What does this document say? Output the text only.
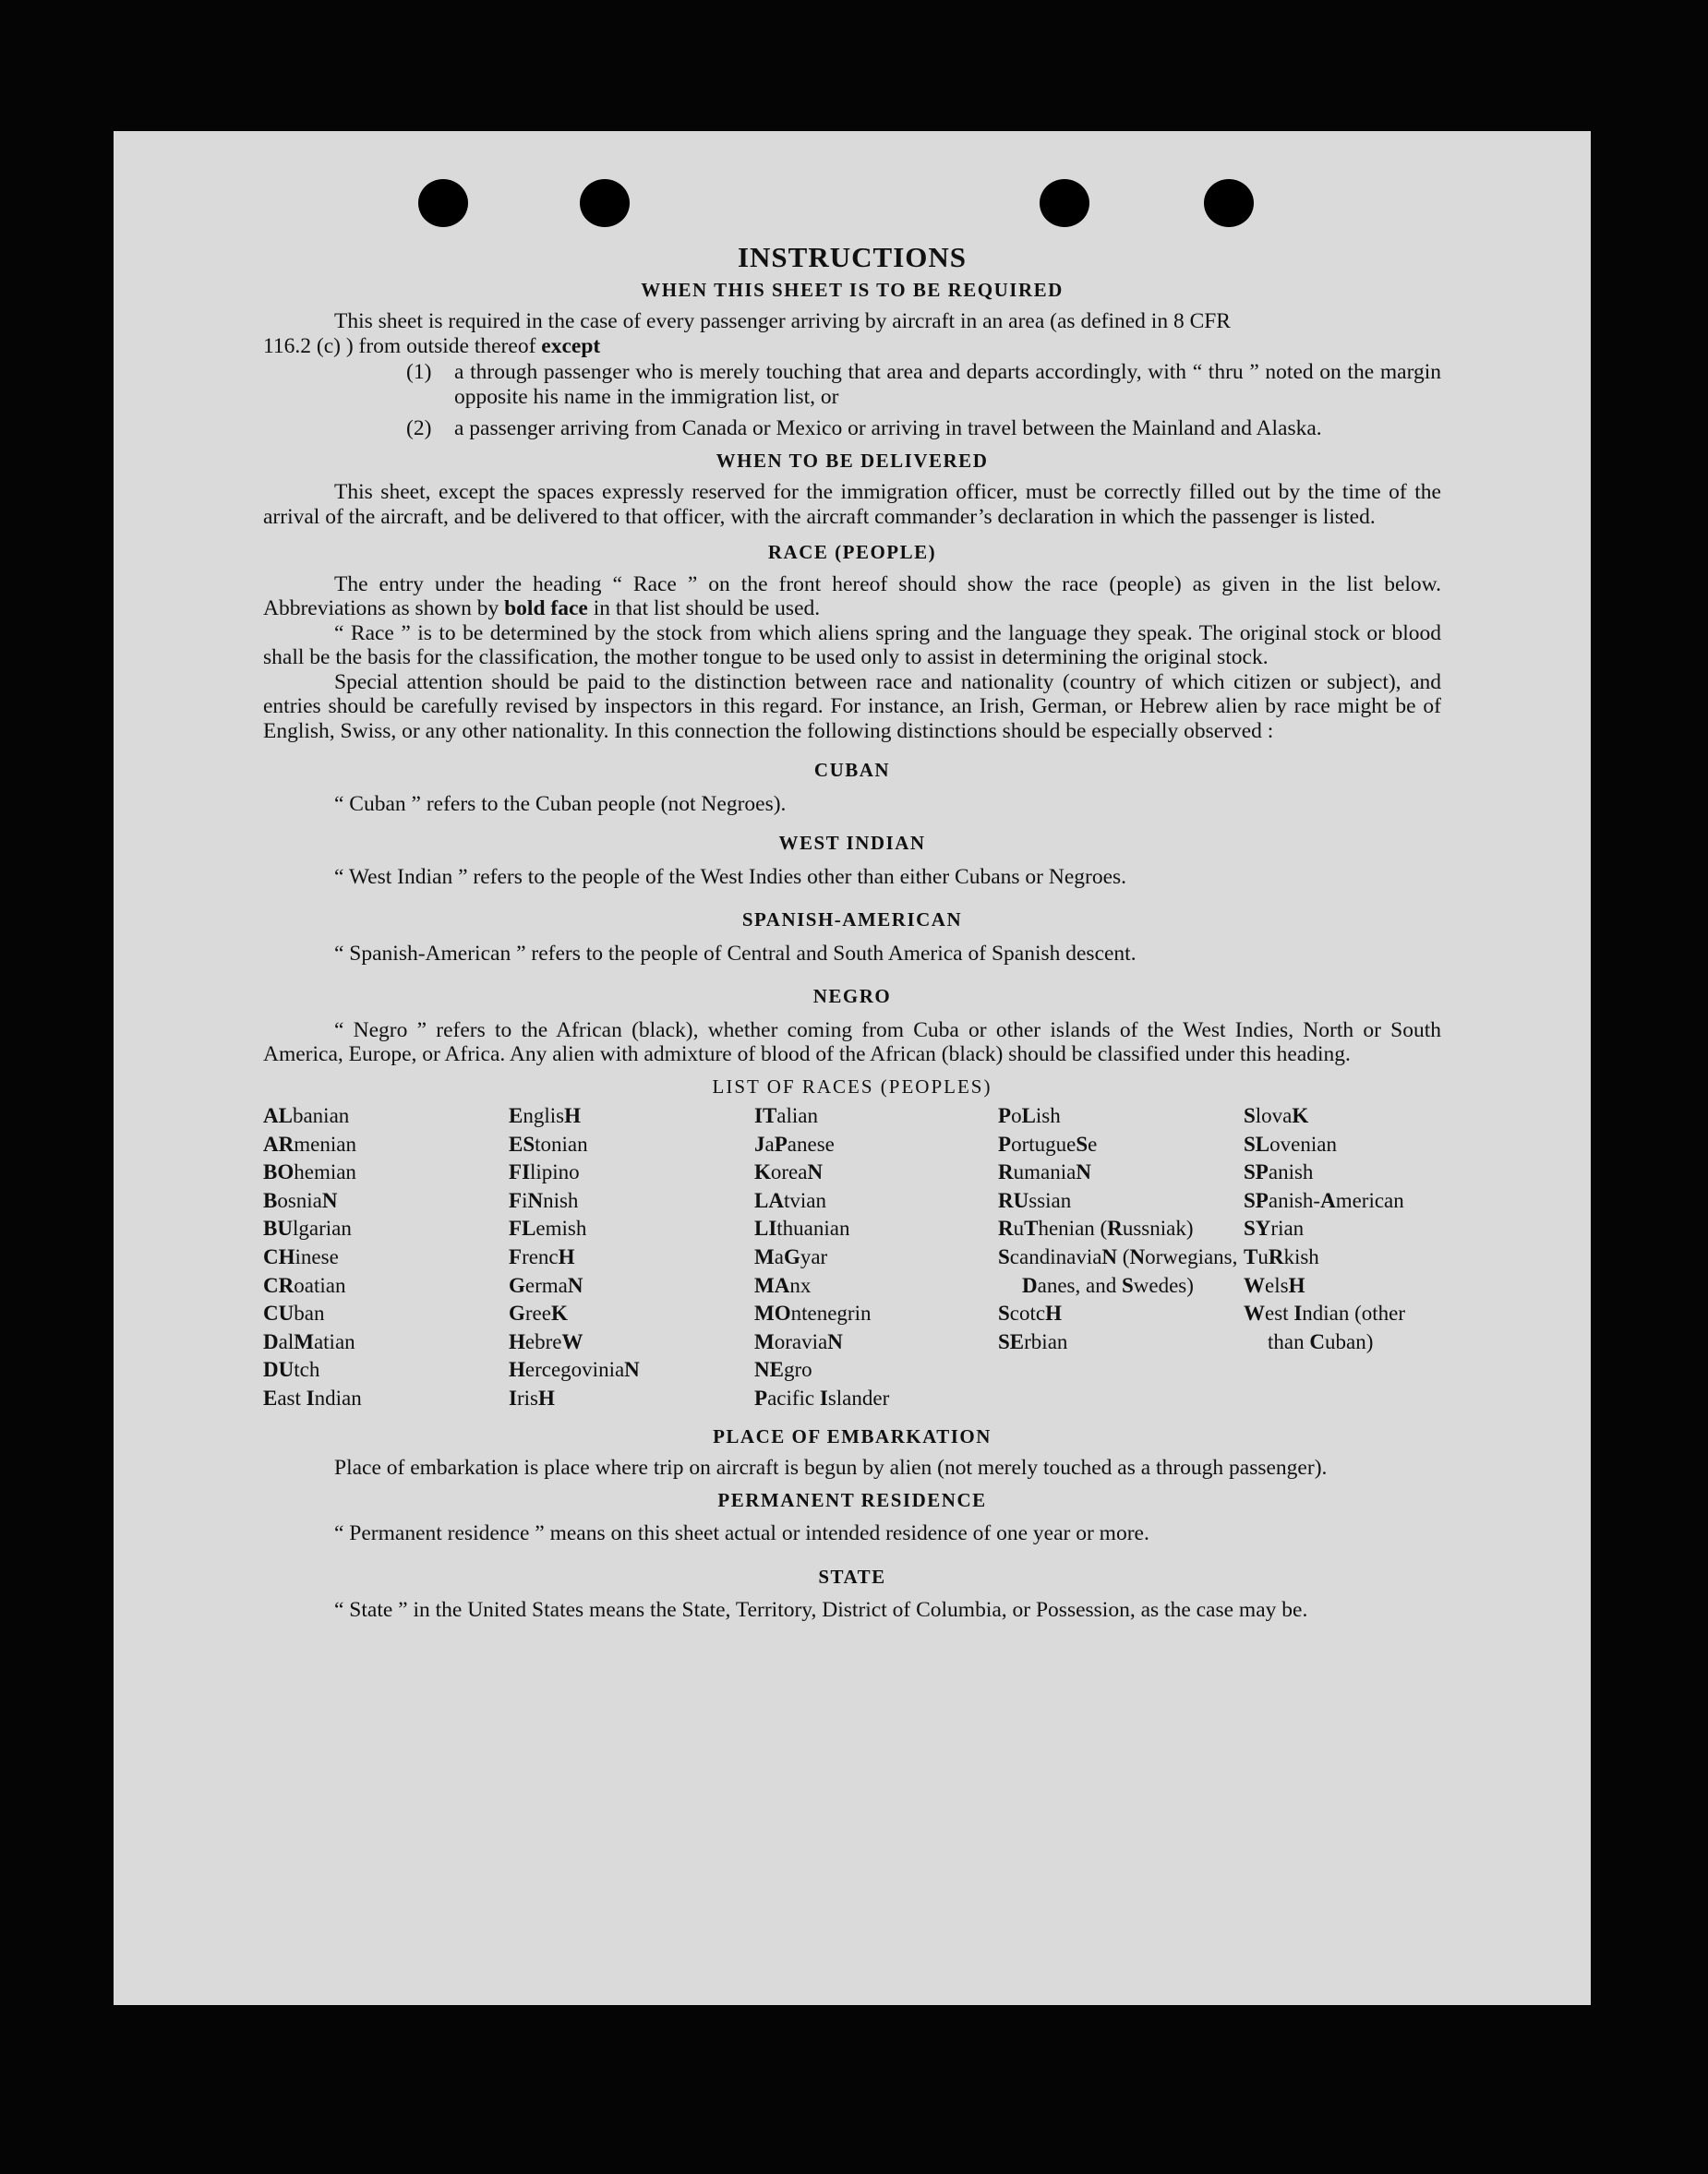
INSTRUCTIONS
WHEN THIS SHEET IS TO BE REQUIRED

This sheet is required in the case of every passenger arriving by aircraft in an area (as defined in 8 CFR

116.2 (c) ) from outside thereof except

(1)	a through passenger who is merely touching that area and departs accordingly, with “ thru ” noted on the margin opposite his name in the immigration list, or
(2)	a passenger arriving from Canada or Mexico or arriving in travel between the Mainland and Alaska.
WHEN TO BE DELIVERED

This sheet, except the spaces expressly reserved for the immigration officer, must be correctly filled out by the time of the arrival of the aircraft, and be delivered to that officer, with the aircraft commander’s declaration in which the passenger is listed.

RACE (PEOPLE)

The entry under the heading “ Race ” on the front hereof should show the race (people) as given in the list below. Abbreviations as shown by bold face in that list should be used.

“ Race ” is to be determined by the stock from which aliens spring and the language they speak. The original stock or blood shall be the basis for the classification, the mother tongue to be used only to assist in determining the original stock.

Special attention should be paid to the distinction between race and nationality (country of which citizen or subject), and entries should be carefully revised by inspectors in this regard. For instance, an Irish, German, or Hebrew alien by race might be of English, Swiss, or any other nationality. In this connection the following distinctions should be especially observed :

CUBAN

“ Cuban ” refers to the Cuban people (not Negroes).

WEST INDIAN

“ West Indian ” refers to the people of the West Indies other than either Cubans or Negroes.

SPANISH-AMERICAN

“ Spanish-American ” refers to the people of Central and South America of Spanish descent.

NEGRO

“ Negro ” refers to the African (black), whether coming from Cuba or other islands of the West Indies, North or South America, Europe, or Africa. Any alien with admixture of blood of the African (black) should be classified under this heading.

LIST OF RACES (PEOPLES)
ALbanian
ARmenian
BOhemian
BosniaN
BUlgarian
CHinese
CRoatian
CUban
DalMatian
DUtch
East Indian
EnglisH
EStonian
FIlipino
FiNnish
FLemish
FrencH
GermaN
GreeK
HebreW
HercegoviniaN
IrisH
ITalian
JaPanese
KoreaN
LAtvian
LIthuanian
MaGyar
MAnx
MOntenegrin
MoraviaN
NEgro
Pacific Islander
PoLish
PortugueSe
RumaniaN
RUssian
RuThenian (Russniak)
ScandinaviaN (Norwegians, Danes, and Swedes)
ScotcH
SErbian
SlovaK
SLovenian
SPanish
SPanish-American
SYrian
TuRkish
WelsH
West Indian (other than Cuban)
PLACE OF EMBARKATION

Place of embarkation is place where trip on aircraft is begun by alien (not merely touched as a through passenger).

PERMANENT RESIDENCE

“ Permanent residence ” means on this sheet actual or intended residence of one year or more.

STATE

“ State ” in the United States means the State, Territory, District of Columbia, or Possession, as the case may be.
